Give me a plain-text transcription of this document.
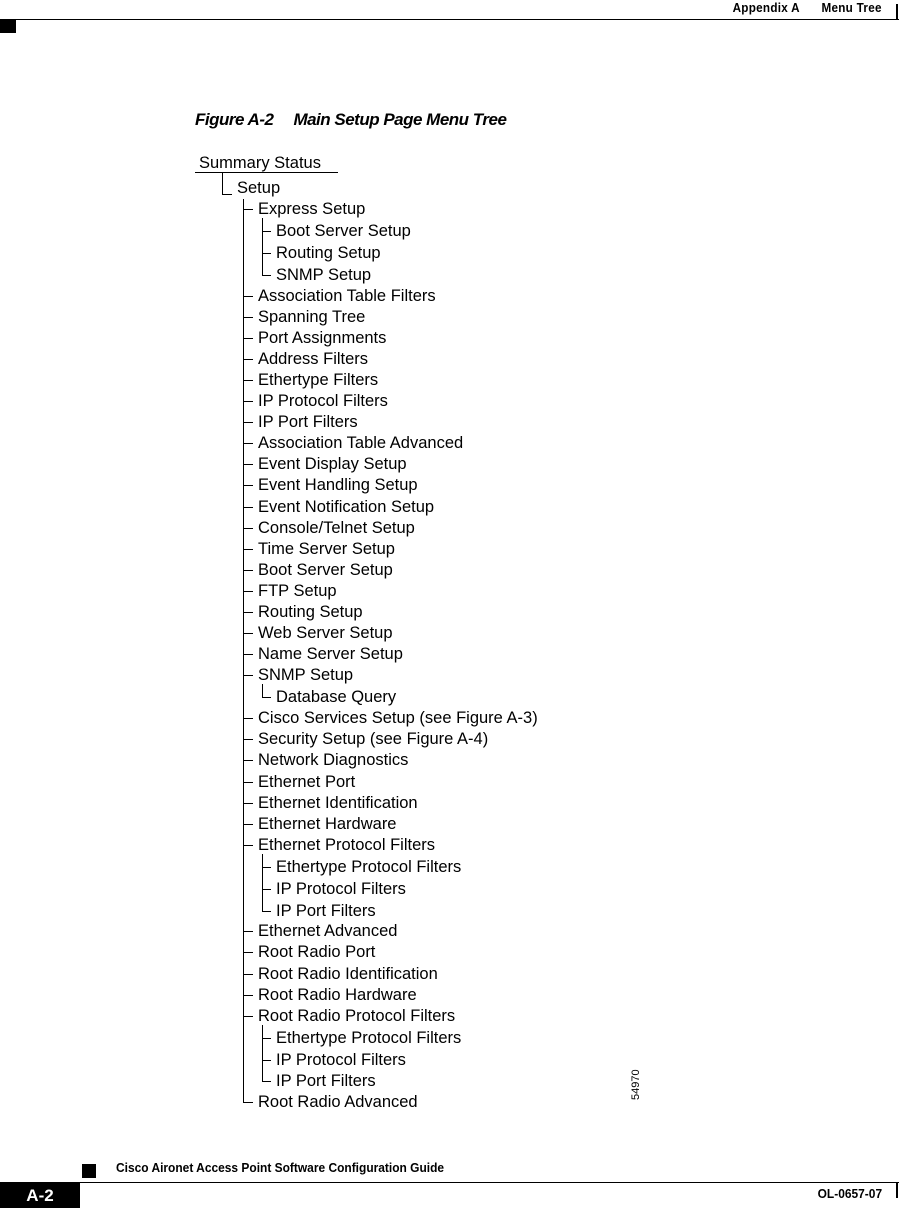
Appendix A Menu Tree
Figure A-2 Main Setup Page Menu Tree
Summary Status
Setup
Express Setup
Boot Server Setup
Routing Setup
SNMP Setup
Association Table Filters
Spanning Tree
Port Assignments
Address Filters
Ethertype Filters
IP Protocol Filters
IP Port Filters
Association Table Advanced
Event Display Setup
Event Handling Setup
Event Notification Setup
Console/Telnet Setup
Time Server Setup
Boot Server Setup
FTP Setup
Routing Setup
Web Server Setup
Name Server Setup
SNMP Setup
Database Query
Cisco Services Setup (see Figure A-3)
Security Setup (see Figure A-4)
Network Diagnostics
Ethernet Port
Ethernet Identification
Ethernet Hardware
Ethernet Protocol Filters
Ethertype Protocol Filters
IP Protocol Filters
IP Port Filters
Ethernet Advanced
Root Radio Port
Root Radio Identification
Root Radio Hardware
Root Radio Protocol Filters
Ethertype Protocol Filters
IP Protocol Filters
IP Port Filters
Root Radio Advanced
54970
Cisco Aironet Access Point Software Configuration Guide
A-2	OL-0657-07
